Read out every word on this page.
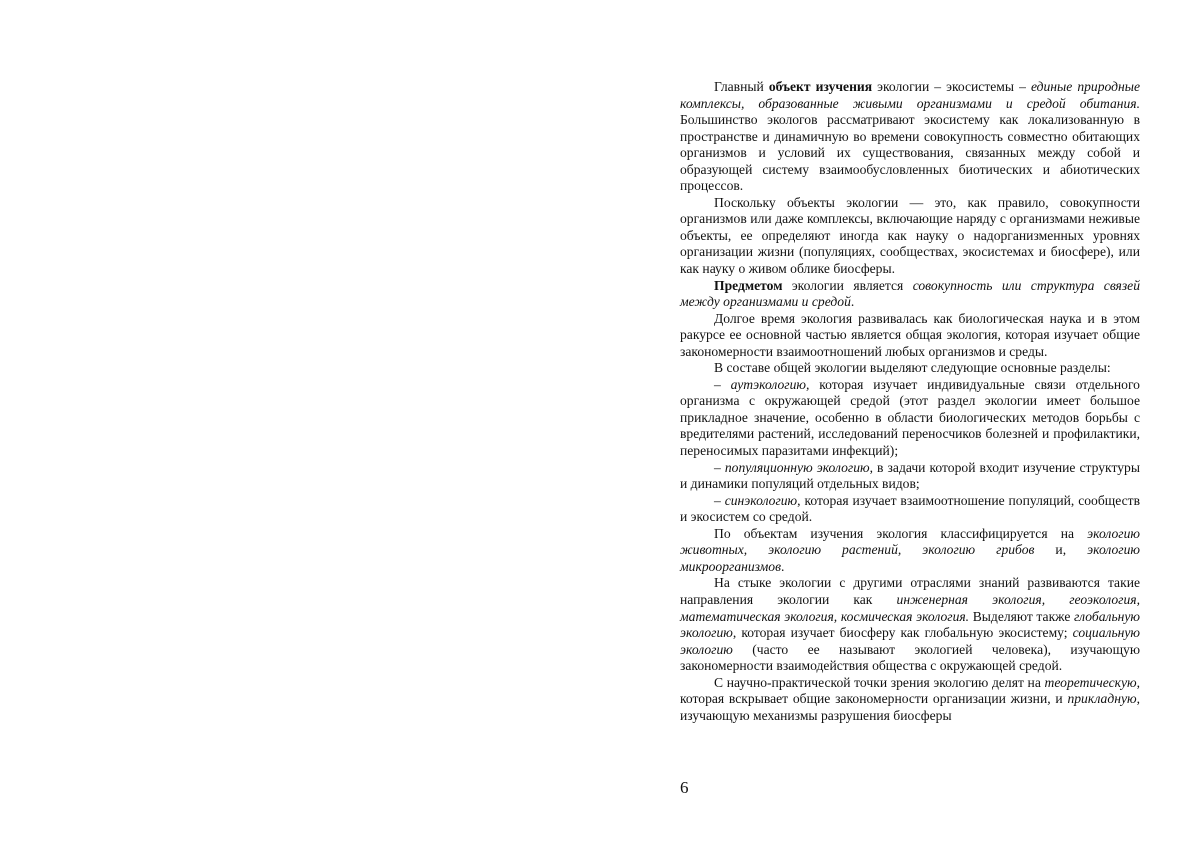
Главный объект изучения экологии – экосистемы – единые природные комплексы, образованные живыми организмами и средой обитания. Большинство экологов рассматривают экосистему как локализованную в пространстве и динамичную во времени совокупность совместно обитающих организмов и условий их существования, связанных между собой и образующей систему взаимообусловленных биотических и абиотических процессов.

Поскольку объекты экологии — это, как правило, совокупности организмов или даже комплексы, включающие наряду с организмами неживые объекты, ее определяют иногда как науку о надорганизменных уровнях организации жизни (популяциях, сообществах, экосистемах и биосфере), или как науку о живом облике биосферы.

Предметом экологии является совокупность или структура связей между организмами и средой.

Долгое время экология развивалась как биологическая наука и в этом ракурсе ее основной частью является общая экология, которая изучает общие закономерности взаимоотношений любых организмов и среды.

В составе общей экологии выделяют следующие основные разделы:

– аутэкологию, которая изучает индивидуальные связи отдельного организма с окружающей средой (этот раздел экологии имеет большое прикладное значение, особенно в области биологических методов борьбы с вредителями растений, исследований переносчиков болезней и профилактики, переносимых паразитами инфекций);

– популяционную экологию, в задачи которой входит изучение структуры и динамики популяций отдельных видов;

– синэкологию, которая изучает взаимоотношение популяций, сообществ и экосистем со средой.

По объектам изучения экология классифицируется на экологию животных, экологию растений, экологию грибов и, экологию микроорганизмов.

На стыке экологии с другими отраслями знаний развиваются такие направления экологии как инженерная экология, геоэкология, математическая экология, космическая экология. Выделяют также глобальную экологию, которая изучает биосферу как глобальную экосистему; социальную экологию (часто ее называют экологией человека), изучающую закономерности взаимодействия общества с окружающей средой.

С научно-практической точки зрения экологию делят на теоретическую, которая вскрывает общие закономерности организации жизни, и прикладную, изучающую механизмы разрушения биосферы

6
